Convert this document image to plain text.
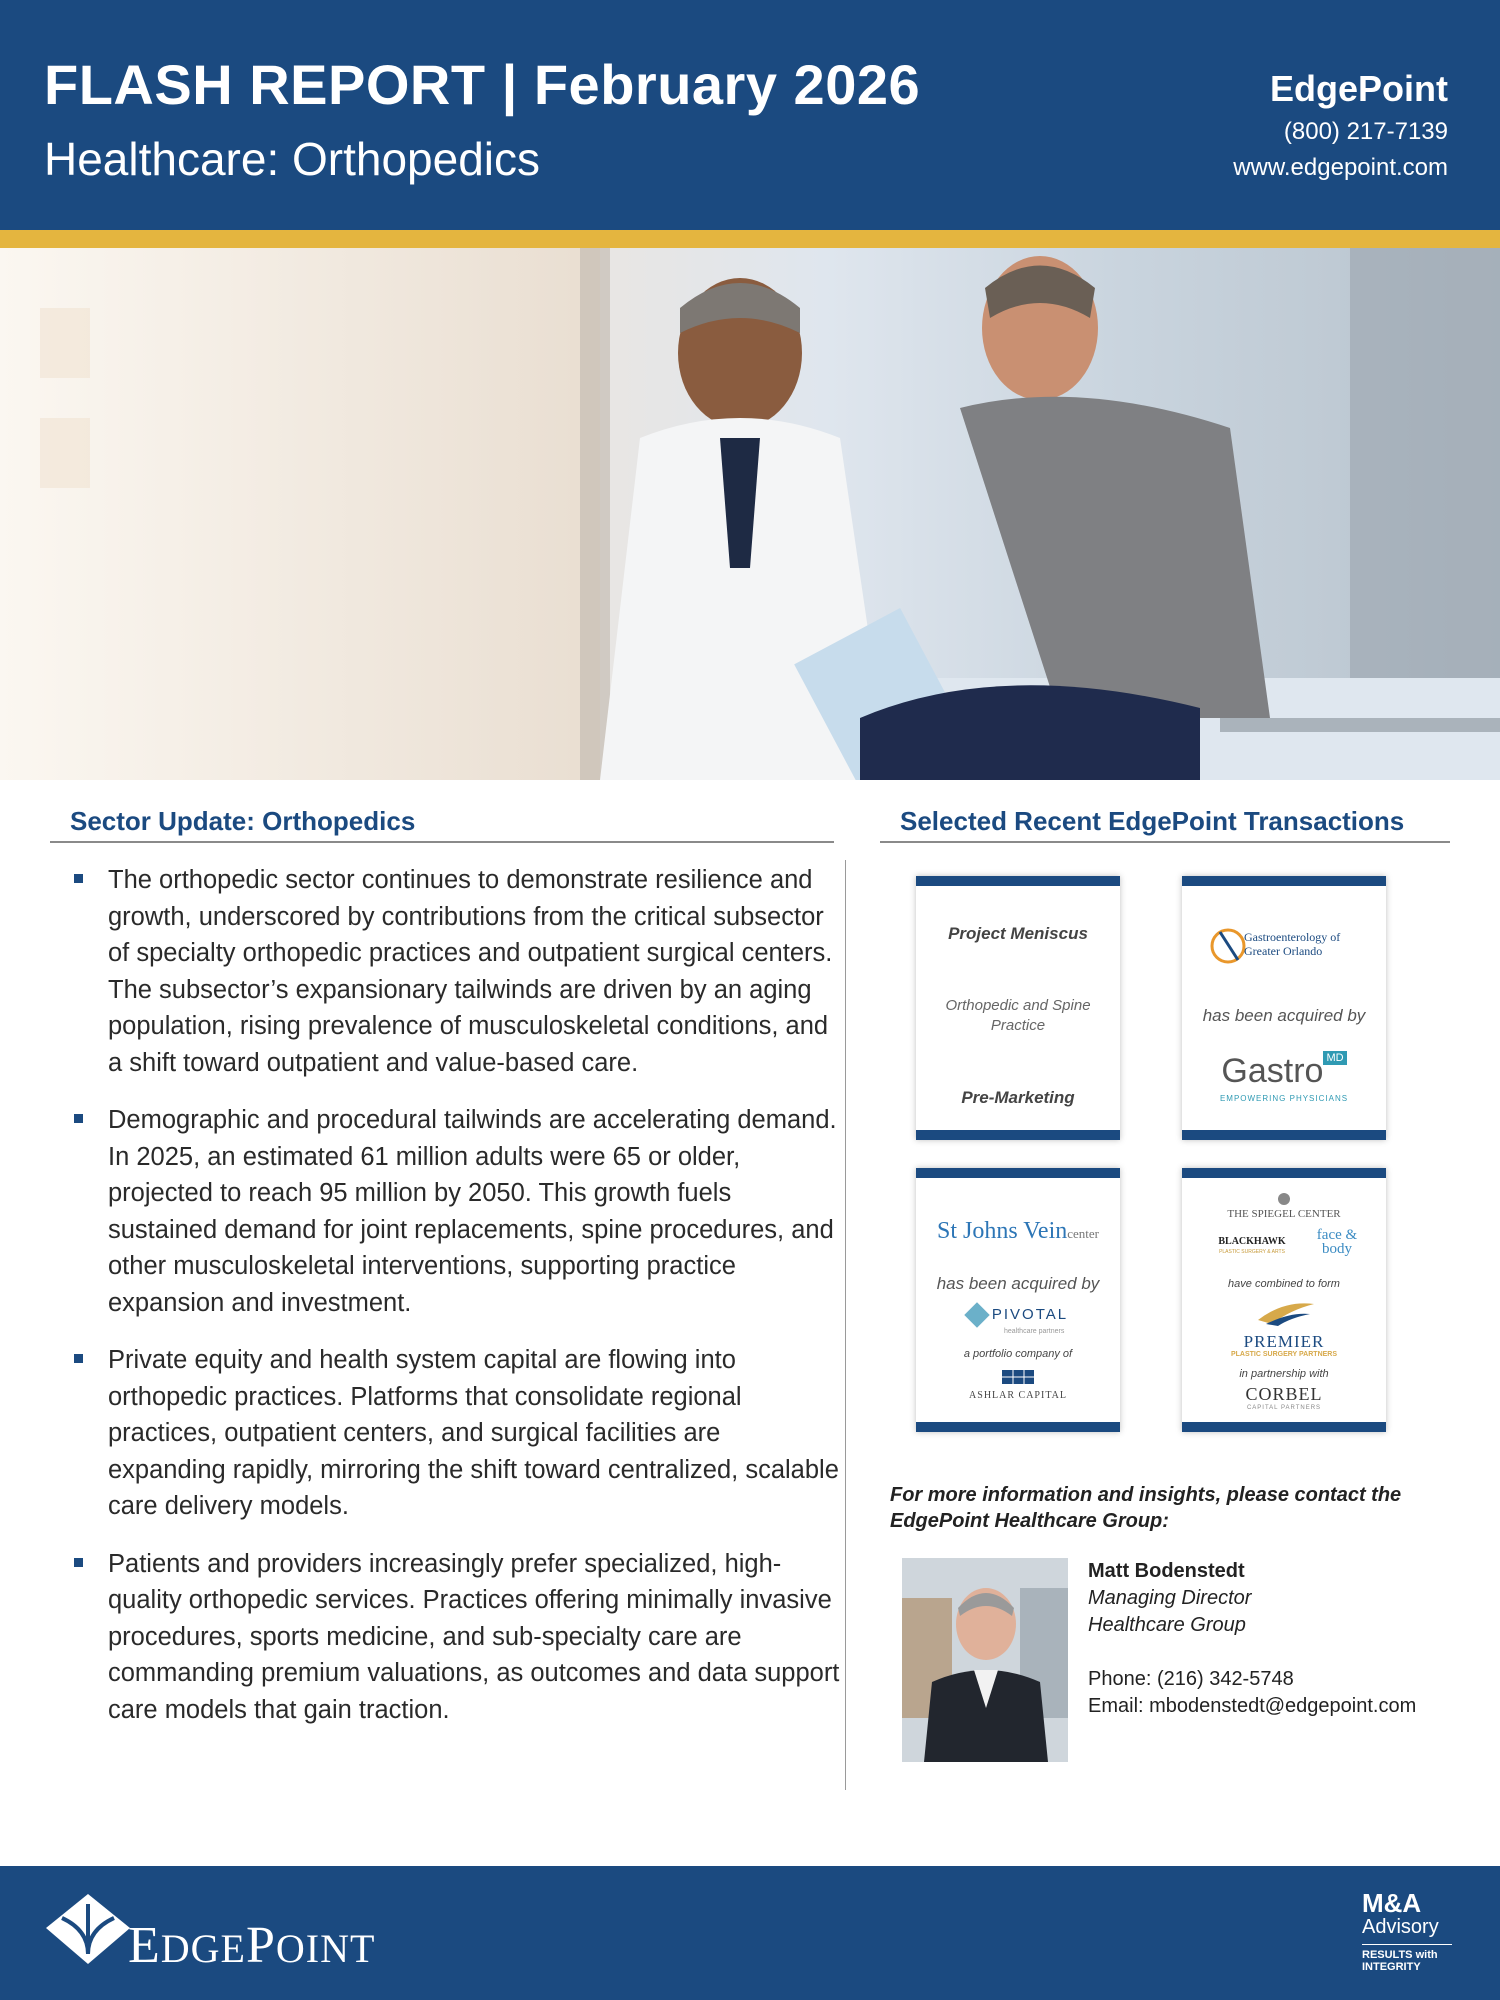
FLASH REPORT | February 2026
Healthcare: Orthopedics
EdgePoint
(800) 217-7139
www.edgepoint.com
Sector Update: Orthopedics
The orthopedic sector continues to demonstrate resilience and growth, underscored by contributions from the critical subsector of specialty orthopedic practices and outpatient surgical centers. The subsector’s expansionary tailwinds are driven by an aging population, rising prevalence of musculoskeletal conditions, and a shift toward outpatient and value-based care.
Demographic and procedural tailwinds are accelerating demand. In 2025, an estimated 61 million adults were 65 or older, projected to reach 95 million by 2050. This growth fuels sustained demand for joint replacements, spine procedures, and other musculoskeletal interventions, supporting practice expansion and investment.
Private equity and health system capital are flowing into orthopedic practices. Platforms that consolidate regional practices, outpatient centers, and surgical facilities are expanding rapidly, mirroring the shift toward centralized, scalable care delivery models.
Patients and providers increasingly prefer specialized, high-quality orthopedic services. Practices offering minimally invasive procedures, sports medicine, and sub-specialty care are commanding premium valuations, as outcomes and data support care models that gain traction.
Selected Recent EdgePoint Transactions
Project Meniscus
Orthopedic and Spine Practice
Pre-Marketing
Gastroenterology of Greater Orlando
has been acquired by
Gastro $^{MD}$
EMPOWERING PHYSICIANS
St Johns Veincenter
has been acquired by
PIVOTAL
healthcare partners
a portfolio company of
ASHLAR CAPITAL
THE SPIEGEL CENTER
BLACKHAWK
PLASTIC SURGERY & ARTS
face & body
have combined to form
PREMIER
PLASTIC SURGERY PARTNERS
in partnership with
CORBEL
CAPITAL PARTNERS
For more information and insights, please contact the EdgePoint Healthcare Group:
Matt Bodenstedt
Managing Director
Healthcare Group
Phone: (216) 342-5748
Email: mbodenstedt@edgepoint.com
EDGEPOINT
M&A
Advisory
RESULTS with INTEGRITY
